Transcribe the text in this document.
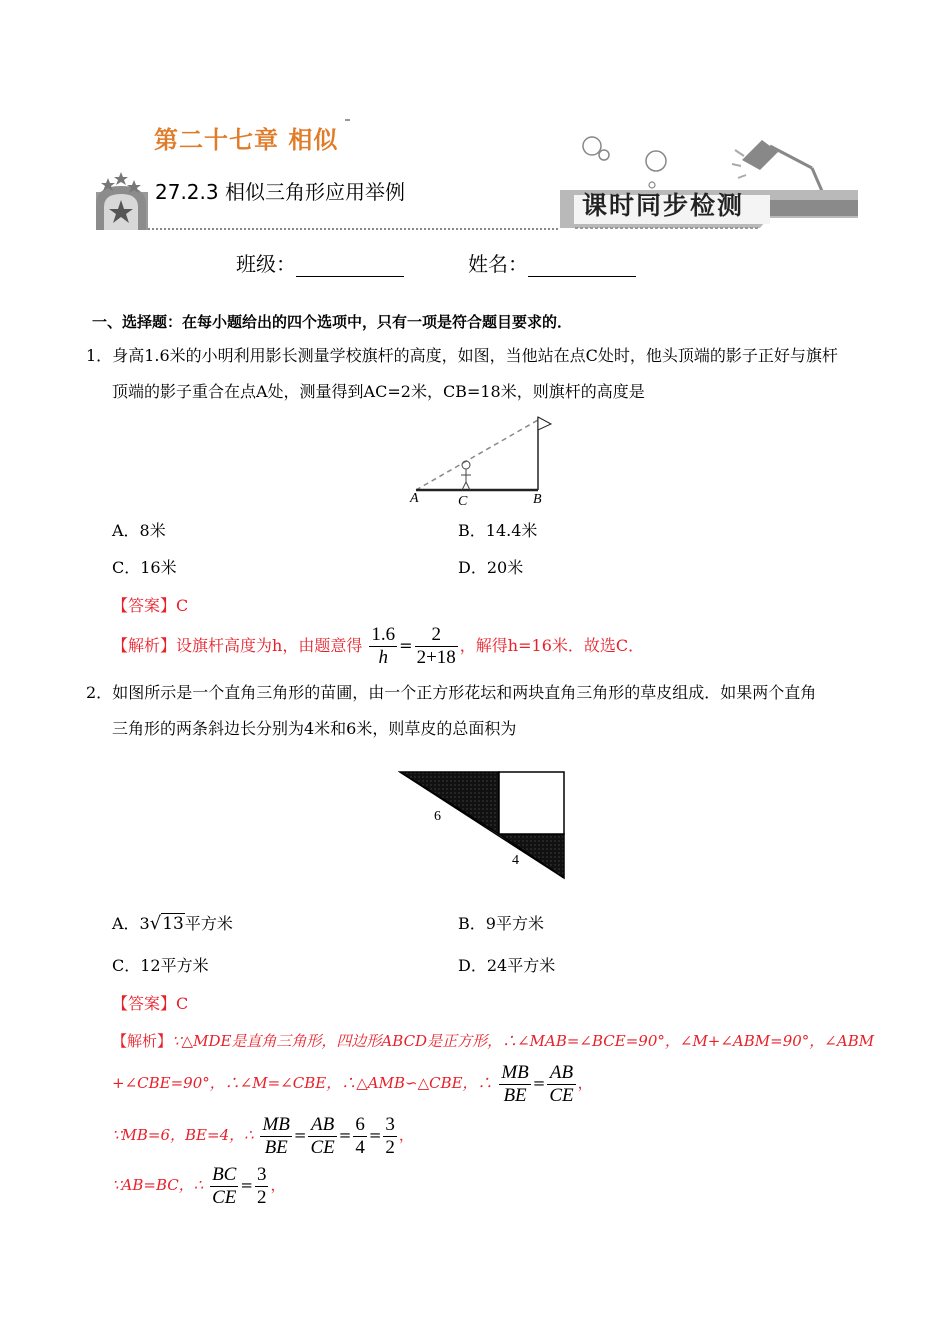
第二十七章 相似
27.2.3 相似三角形应用举例	课时同步检测
班级：	姓名：
一、选择题：在每小题给出的四个选项中，只有一项是符合题目要求的．
1．身高1.6米的小明利用影长测量学校旗杆的高度，如图，当他站在点C处时，他头顶端的影子正好与旗杆
顶端的影子重合在点A处，测量得到AC=2米，CB=18米，则旗杆的高度是
A	C	B
A．8米	B．14.4米
C．16米	D．20米
【答案】C
【解析】设旗杆高度为h，由题意得 $\frac{1.6}{h} = \frac{2}{2+18}$ ，解得h=16米．故选C．
2．如图所示是一个直角三角形的苗圃，由一个正方形花坛和两块直角三角形的草皮组成．如果两个直角
三角形的两条斜边长分别为4米和6米，则草皮的总面积为
6
4
A．3√13平方米	B．9平方米
C．12平方米	D．24平方米
【答案】C
【解析】∵△MDE是直角三角形，四边形ABCD是正方形，∴∠MAB=∠BCE=90°，∠M+∠ABM=90°，∠ABM
+∠CBE=90°，∴∠M=∠CBE，∴△AMB∽△CBE，∴ $\frac{MB}{BE} = \frac{AB}{CE}$ ，
∵MB=6，BE=4，∴ $\frac{MB}{BE} = \frac{AB}{CE} = \frac{6}{4} = \frac{3}{2}$ ，
∵AB=BC，∴ $\frac{BC}{CE} = \frac{3}{2}$ ，
